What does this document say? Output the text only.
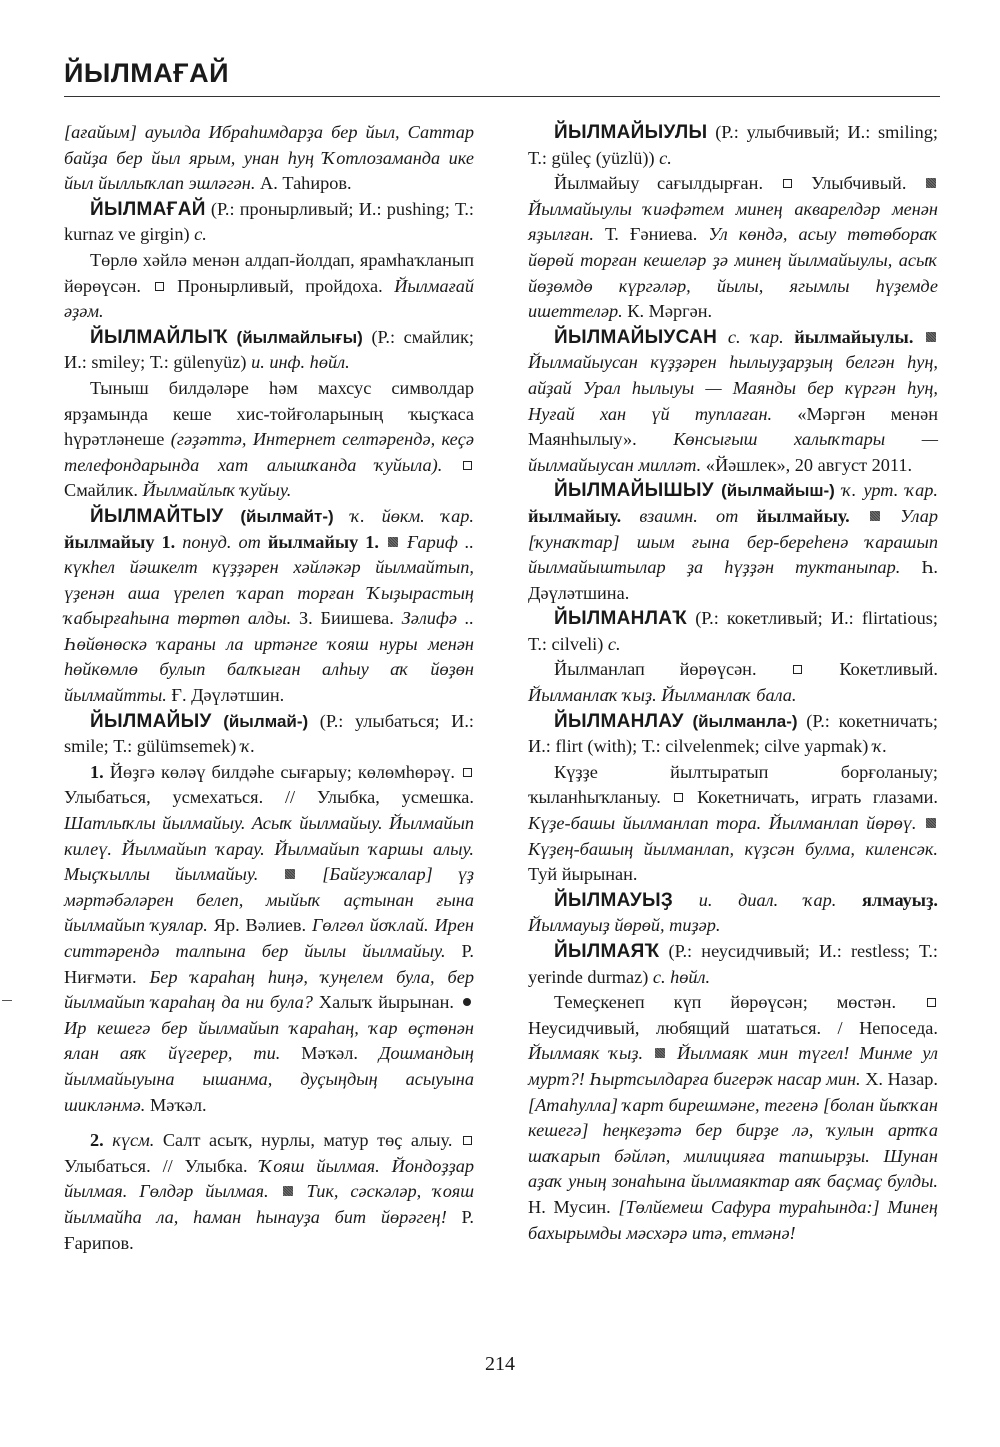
ЙЫЛМАҒАЙ

[ағайым] ауылда Ибраһимдарҙа бер йыл, Саттар байҙа бер йыл ярым, унан һуң Ҡотлозаманда ике йыл йыллыҡлап эшләгән. А. Таһиров.

ЙЫЛМАҒАЙ (Р.: пронырливый; И.: pushing; Т.: kurnaz ve girgin) с.

Төрлө хәйлә менән алдап-йолдап, ярамһаҡланып йөрөүсән. Пронырливый, пройдоха. Йылмағай әҙәм.

ЙЫЛМАЙЛЫҠ (йылмайлығы) (Р.: смайлик; И.: smiley; Т.: gülenyüz) и. инф. һөйл.

Тыныш билдәләре һәм махсус символдар ярҙамында кеше хис-тойғоларының ҡыҫҡаса һүрәтләнеше (гәҙәттә, Интернет селтәрендә, кеҫә телефондарында хат алышҡанда ҡуйыла).  Смайлик. Йылмайлыҡ ҡуйыу.

ЙЫЛМАЙТЫУ (йылмайт-) ҡ. йөкм. ҡар. йылмайыу 1. понуд. от йылмайыу 1. Ғариф .. күкһел йәшкелт күҙҙәрен хәйләкәр йылмайтып, үҙенән аша үрелеп ҡарап торған Ҡыҙырастың ҡабырғаһына төртөп алды. З. Биишева. Зәлифә .. Һөйөнөскә ҡараны ла иртәнге ҡояш нуры менән һөйкөмлө булып балҡыған алһыу аҡ йөҙөн йылмайтты. Ғ. Дәүләтшин.

ЙЫЛМАЙЫУ (йылмай-) (Р.: улыбаться; И.: smile; Т.: gülümsemek) ҡ.

1. Йөҙгә көләү билдәһе сығарыу; көлөмһөрәү.  Улыбаться, усмехаться. // Улыбка, усмешка. Шатлыҡлы йылмайыу. Асыҡ йылмайыу. Йылмайып килеү. Йылмайып ҡарау. Йылмайып ҡаршы алыу. Мыҫҡыллы йылмайыу.	[Байгужалар] үҙ мәртәбәләрен белеп, мыйыҡ аҫтынан ғына йылмайып ҡуялар. Яр. Вәлиев. Гөлгөл йоҡлай. Ирен ситтәрендә талпына бер йылы йылмайыу. Р. Ниғмәти. Бер ҡараһаң һиңә, ҡуңелем була, бер йылмайып ҡараһаң да ни була? Халыҡ йырынан.  Ир кешегә бер йылмайып ҡараһаң, ҡар өҫтөнән ялан аяҡ йүгерер, ти. Мәҡәл. Дошмандың йылмайыуына ышанма, дуҫыңдың асыуына шикләнмә. Мәҡәл.

2. күсм. Салт асыҡ, нурлы, матур төҫ алыу.  Улыбаться. // Улыбка. Ҡояш йылмая. Йондоҙҙар йылмая. Гөлдәр йылмая. Тик, сәскәләр, ҡояш йылмайһа ла, һаман һынауҙа бит йөрәгең! Р. Ғарипов.

ЙЫЛМАЙЫУЛЫ (Р.: улыбчивый; И.: smiling; Т.: güleç (yüzlü)) с.

Йылмайыу сағылдырған.	Улыбчивый.  Йылмайыулы ҡиәфәтем минең акварелдәр менән яҙылған. Т. Ғәниева. Ул көндә, асыу төтөбораҡ йөрөй торған кешеләр ҙә минең йылмайыулы, асыҡ йөҙөмдө күргәләр, йылы, ягымлы һүҙемде ишеттеләр. К. Мәргән.

ЙЫЛМАЙЫУСАН с. ҡар. йылмайыулы.  Йылмайыусан күҙҙәрен һылыуҙарҙың белгән һуң, айҙай Урал һылыуы — Маянды бер күргән һуң, Нуғай хан үй туплаған. «Мәргән менән Маянһылыу». Көнсығыш халыҡтары — йылмайыусан милләт. «Йәшлек», 20 август 2011.

ЙЫЛМАЙЫШЫУ (йылмайыш-) ҡ. урт. ҡар. йылмайыу. взаимн. от йылмайыу.	Улар [ҡунаҡтар] шым ғына бер-береһенә ҡарашып йылмайыштылар ҙа һүҙҙән туктаныпар. Һ. Дәүләтшина.

ЙЫЛМАНЛАҠ (Р.: кокетливый; И.: flirtatious; Т.: cilveli) с.

Йылманлап йөрөүсән.	Кокетливый. Йылманлаҡ ҡыҙ. Йылманлаҡ бала.

ЙЫЛМАНЛАУ (йылманла-) (Р.: кокетничать; И.: flirt (with); Т.: cilvelenmek; cilve yapmak) ҡ.

Күҙҙе йылтыратып борғоланыу; ҡыланһыҡланыу. Кокетничать, играть глазами. Күҙе-башы йылманлап тора. Йылманлап йөрөү.  Күҙең-башың йылманлап, күҙсән булма, киленсәк. Туй йырынан.

ЙЫЛМАУЫҘ и. диал. ҡар. ялмауыҙ. Йылмауыҙ йөрөй, тиҙәр.

ЙЫЛМАЯҠ (Р.: неусидчивый; И.: restless; Т.: yerinde durmaz) с. һөйл.

Темеҫкенеп күп йөрөүсән; мөстән.  Неусидчивый, любящий шататься. / Непоседа. Йылмаяк ҡыҙ. Йылмаяк мин түгел! Минме ул мурт?! Һыртсылдарға бигерәк насар мин. Х. Назар. [Атаһулла] ҡарт бирешмәне, тегенә [болан йыҡҡан кешегә] һеңкеҙәтә бер бирҙе лә, ҡулын артҡа шаҡарып бәйләп, милицияға тапшырҙы. Шунан аҙаҡ уның зонаһына йылмаяктар аяҡ баҫмаҫ булды. Н. Мусин. [Төлйемеш Сафура тураһында:] Минең бахырымды мәсхәрә итә, етмәнә!

214
